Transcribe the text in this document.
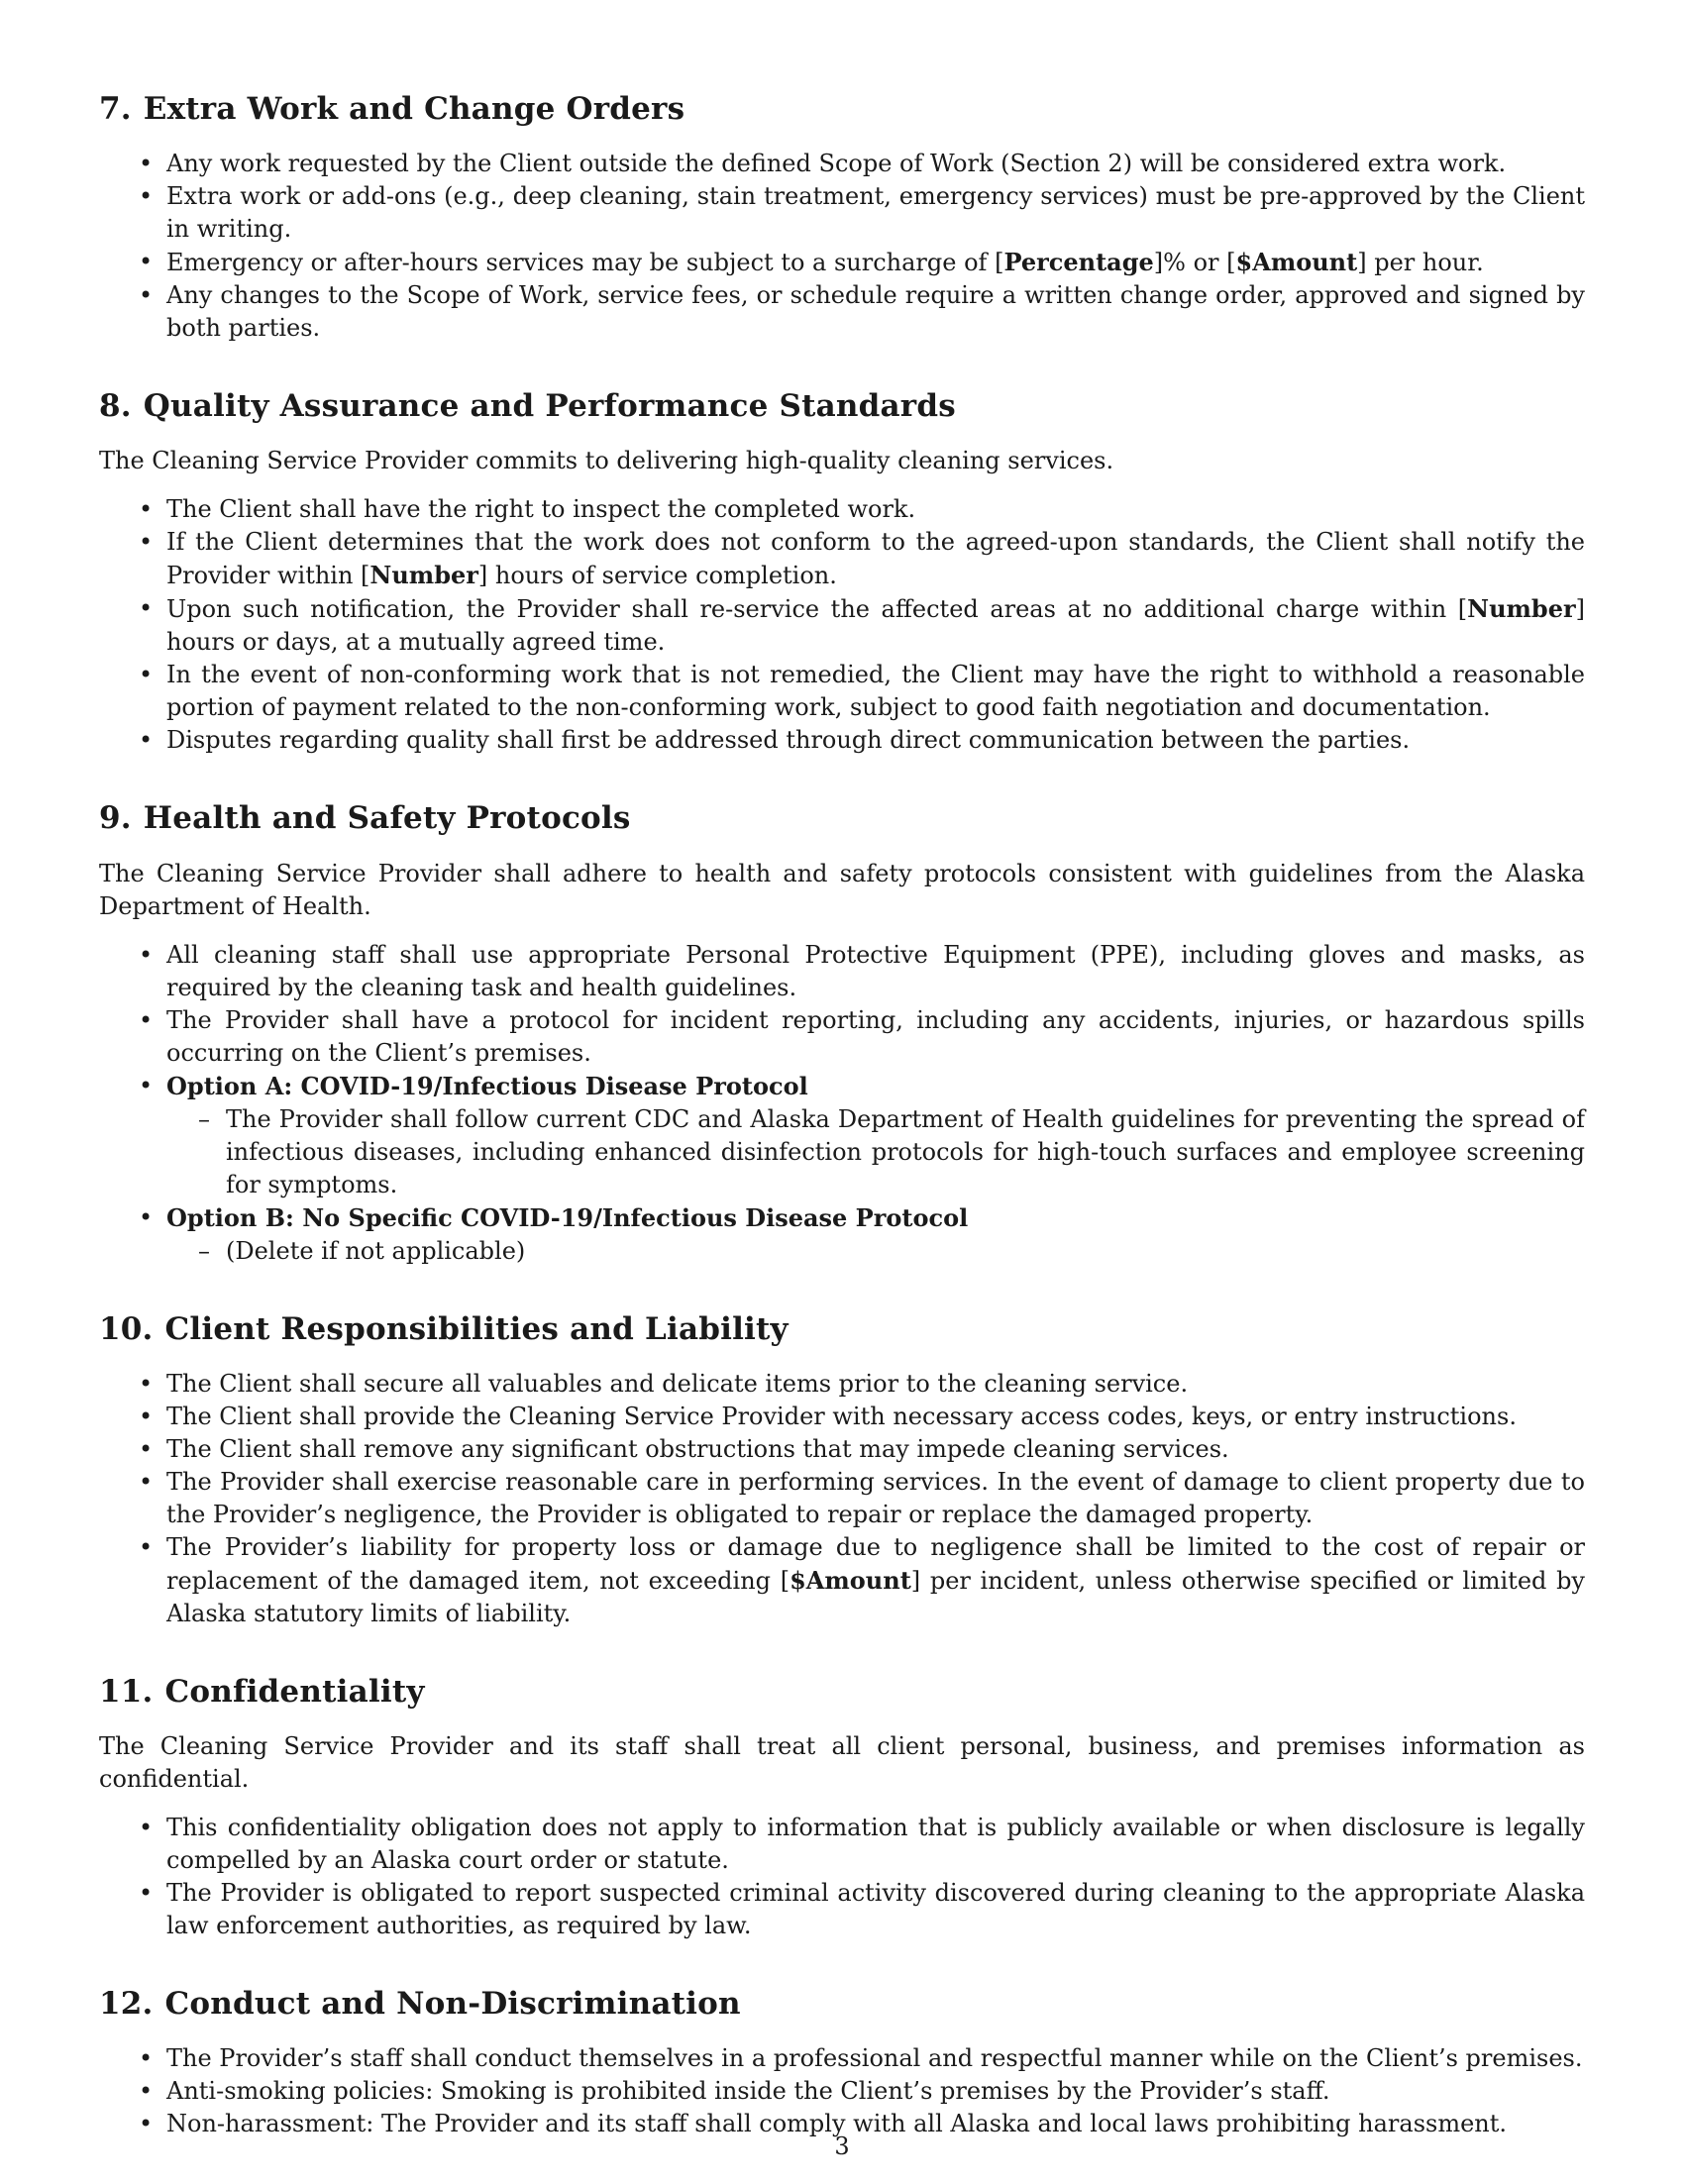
7. Extra Work and Change Orders
• Any work requested by the Client outside the defined Scope of Work (Section 2) will be considered extra work.
• Extra work or add-ons (e.g., deep cleaning, stain treatment, emergency services) must be pre-approved by the Client in writing.
• Emergency or after-hours services may be subject to a surcharge of [Percentage]% or [$Amount] per hour.
• Any changes to the Scope of Work, service fees, or schedule require a written change order, approved and signed by both parties.
8. Quality Assurance and Performance Standards

The Cleaning Service Provider commits to delivering high-quality cleaning services.

• The Client shall have the right to inspect the completed work.
• If the Client determines that the work does not conform to the agreed-upon standards, the Client shall notify the Provider within [Number] hours of service completion.
• Upon such notification, the Provider shall re-service the affected areas at no additional charge within [Number] hours or days, at a mutually agreed time.
• In the event of non-conforming work that is not remedied, the Client may have the right to withhold a reasonable portion of payment related to the non-conforming work, subject to good faith negotiation and documentation.
• Disputes regarding quality shall first be addressed through direct communication between the parties.
9. Health and Safety Protocols

The Cleaning Service Provider shall adhere to health and safety protocols consistent with guidelines from the Alaska Department of Health.

• All cleaning staff shall use appropriate Personal Protective Equipment (PPE), including gloves and masks, as required by the cleaning task and health guidelines.
• The Provider shall have a protocol for incident reporting, including any accidents, injuries, or hazardous spills occurring on the Client’s premises.
• Option A: COVID-19/Infectious Disease Protocol
– The Provider shall follow current CDC and Alaska Department of Health guidelines for preventing the spread of infectious diseases, including enhanced disinfection protocols for high-touch surfaces and employee screening for symptoms.
• Option B: No Specific COVID-19/Infectious Disease Protocol
– (Delete if not applicable)
10. Client Responsibilities and Liability
• The Client shall secure all valuables and delicate items prior to the cleaning service.
• The Client shall provide the Cleaning Service Provider with necessary access codes, keys, or entry instructions.
• The Client shall remove any significant obstructions that may impede cleaning services.
• The Provider shall exercise reasonable care in performing services. In the event of damage to client property due to the Provider’s negligence, the Provider is obligated to repair or replace the damaged property.
• The Provider’s liability for property loss or damage due to negligence shall be limited to the cost of repair or replacement of the damaged item, not exceeding [$Amount] per incident, unless otherwise specified or limited by Alaska statutory limits of liability.
11. Confidentiality

The Cleaning Service Provider and its staff shall treat all client personal, business, and premises information as confidential.

• This confidentiality obligation does not apply to information that is publicly available or when disclosure is legally compelled by an Alaska court order or statute.
• The Provider is obligated to report suspected criminal activity discovered during cleaning to the appropriate Alaska law enforcement authorities, as required by law.
12. Conduct and Non-Discrimination
• The Provider’s staff shall conduct themselves in a professional and respectful manner while on the Client’s premises.
• Anti-smoking policies: Smoking is prohibited inside the Client’s premises by the Provider’s staff.
• Non-harassment: The Provider and its staff shall comply with all Alaska and local laws prohibiting harassment.
3
